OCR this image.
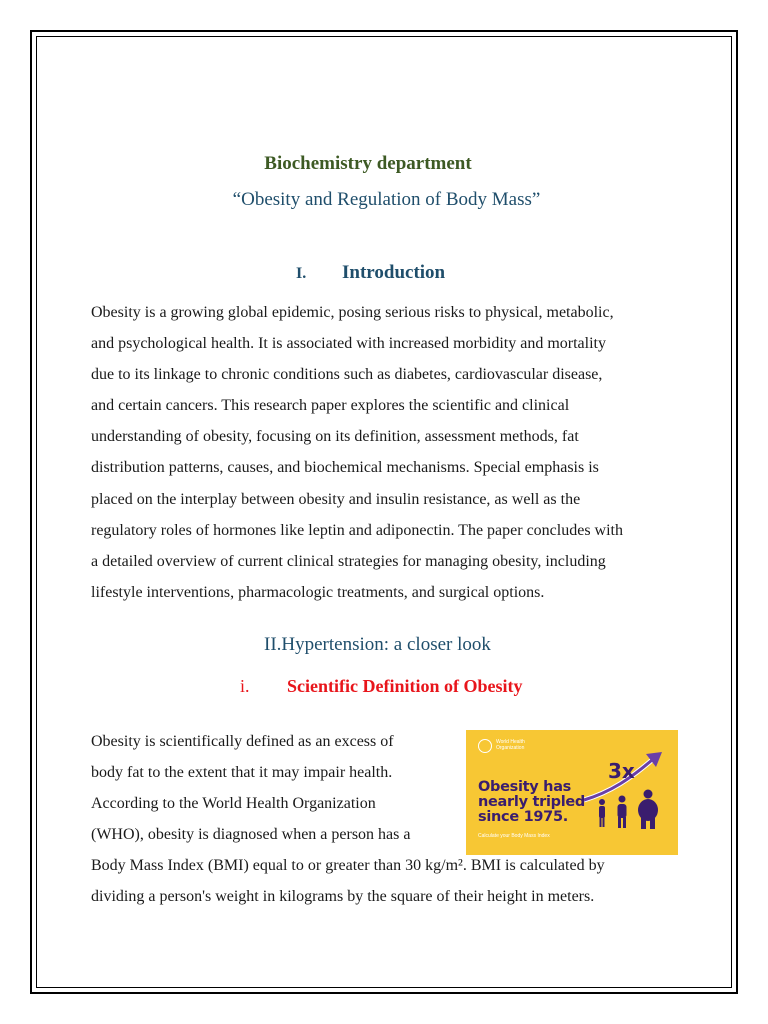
Biochemistry department
“Obesity and Regulation of Body Mass”
I. Introduction
Obesity is a growing global epidemic, posing serious risks to physical, metabolic,
and psychological health. It is associated with increased morbidity and mortality
due to its linkage to chronic conditions such as diabetes, cardiovascular disease,
and certain cancers. This research paper explores the scientific and clinical
understanding of obesity, focusing on its definition, assessment methods, fat
distribution patterns, causes, and biochemical mechanisms. Special emphasis is
placed on the interplay between obesity and insulin resistance, as well as the
regulatory roles of hormones like leptin and adiponectin. The paper concludes with
a detailed overview of current clinical strategies for managing obesity, including
lifestyle interventions, pharmacologic treatments, and surgical options.
II.Hypertension: a closer look
i. Scientific Definition of Obesity
Obesity is scientifically defined as an excess of
body fat to the extent that it may impair health.
According to the World Health Organization
(WHO), obesity is diagnosed when a person has a
Body Mass Index (BMI) equal to or greater than 30 kg/m². BMI is calculated by
dividing a person's weight in kilograms by the square of their height in meters.
World Health
Organization
3x
Obesity has
nearly tripled
since 1975.
Calculate your Body Mass Index
